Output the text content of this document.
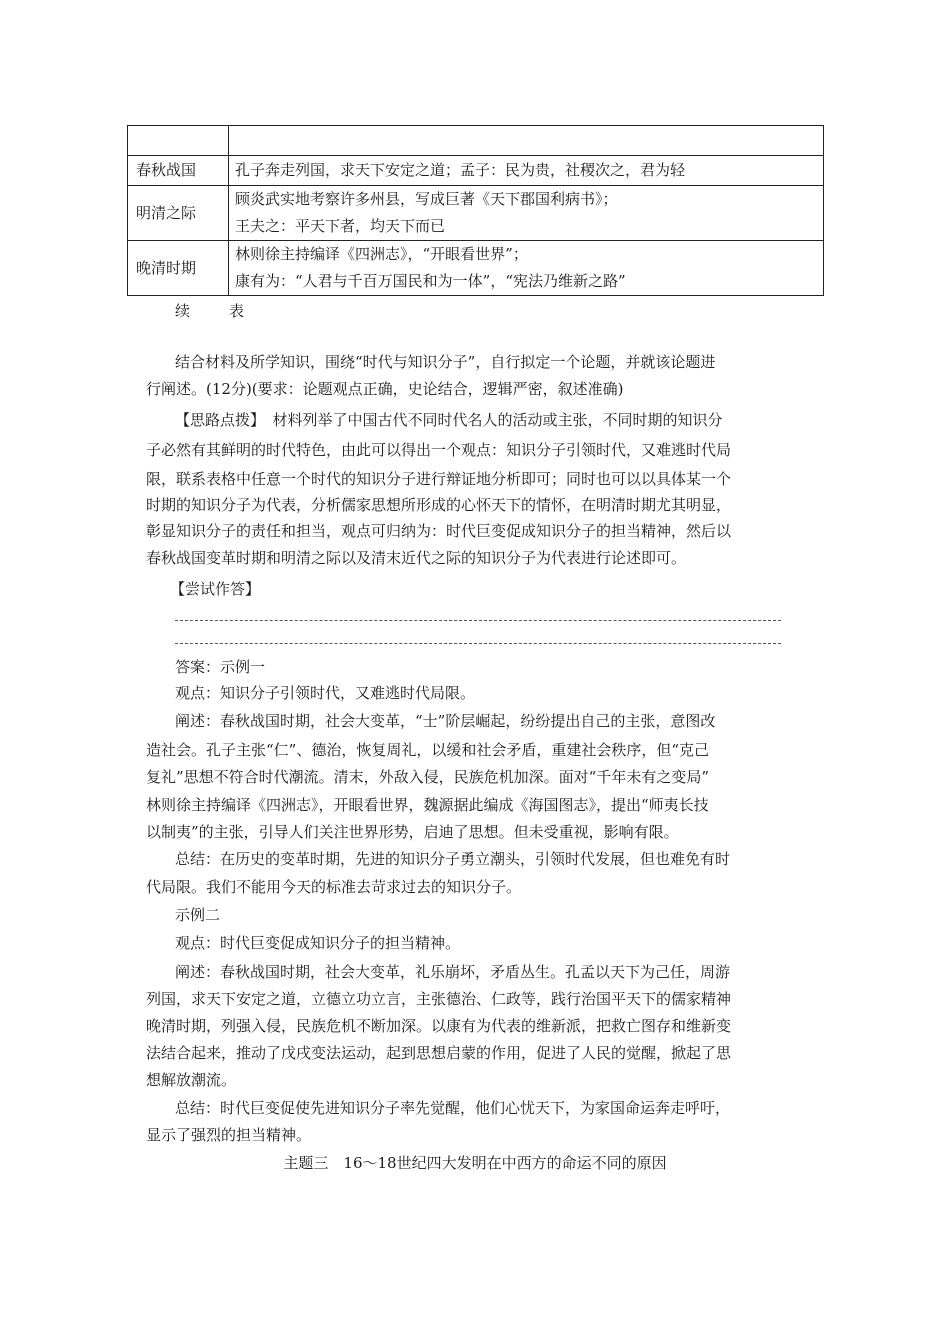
春秋战国	孔子奔走列国，求天下安定之道；孟子：民为贵，社稷次之，君为轻

明清之际	顾炎武实地考察许多州县，写成巨著《天下郡国利病书》；
王夫之：平天下者，均天下而已

晚清时期	林则徐主持编译《四洲志》，“开眼看世界”；
康有为：“人君与千百万国民和为一体”，“宪法乃维新之路”
续　表
结合材料及所学知识，围绕“时代与知识分子”，自行拟定一个论题，并就该论题进
行阐述。(12分)(要求：论题观点正确，史论结合，逻辑严密，叙述准确)
【思路点拨】　材料列举了中国古代不同时代名人的活动或主张，不同时期的知识分
子必然有其鲜明的时代特色，由此可以得出一个观点：知识分子引领时代，又难逃时代局
限，联系表格中任意一个时代的知识分子进行辩证地分析即可；同时也可以以具体某一个
时期的知识分子为代表，分析儒家思想所形成的心怀天下的情怀，在明清时期尤其明显，
彰显知识分子的责任和担当，观点可归纳为：时代巨变促成知识分子的担当精神，然后以
春秋战国变革时期和明清之际以及清末近代之际的知识分子为代表进行论述即可。
【尝试作答】
答案：示例一
观点：知识分子引领时代，又难逃时代局限。
阐述：春秋战国时期，社会大变革，“士”阶层崛起，纷纷提出自己的主张，意图改
造社会。孔子主张“仁”、德治，恢复周礼，以缓和社会矛盾，重建社会秩序，但“克己
复礼”思想不符合时代潮流。清末，外敌入侵，民族危机加深。面对“千年未有之变局”
林则徐主持编译《四洲志》，开眼看世界，魏源据此编成《海国图志》，提出“师夷长技
以制夷”的主张，引导人们关注世界形势，启迪了思想。但未受重视，影响有限。
总结：在历史的变革时期，先进的知识分子勇立潮头，引领时代发展，但也难免有时
代局限。我们不能用今天的标准去苛求过去的知识分子。
示例二
观点：时代巨变促成知识分子的担当精神。
阐述：春秋战国时期，社会大变革，礼乐崩坏，矛盾丛生。孔孟以天下为己任，周游
列国，求天下安定之道，立德立功立言，主张德治、仁政等，践行治国平天下的儒家精神
晚清时期，列强入侵，民族危机不断加深。以康有为代表的维新派，把救亡图存和维新变
法结合起来，推动了戊戌变法运动，起到思想启蒙的作用，促进了人民的觉醒，掀起了思
想解放潮流。
总结：时代巨变促使先进知识分子率先觉醒，他们心忧天下，为家国命运奔走呼吁，
显示了强烈的担当精神。
主题三　16～18世纪四大发明在中西方的命运不同的原因
